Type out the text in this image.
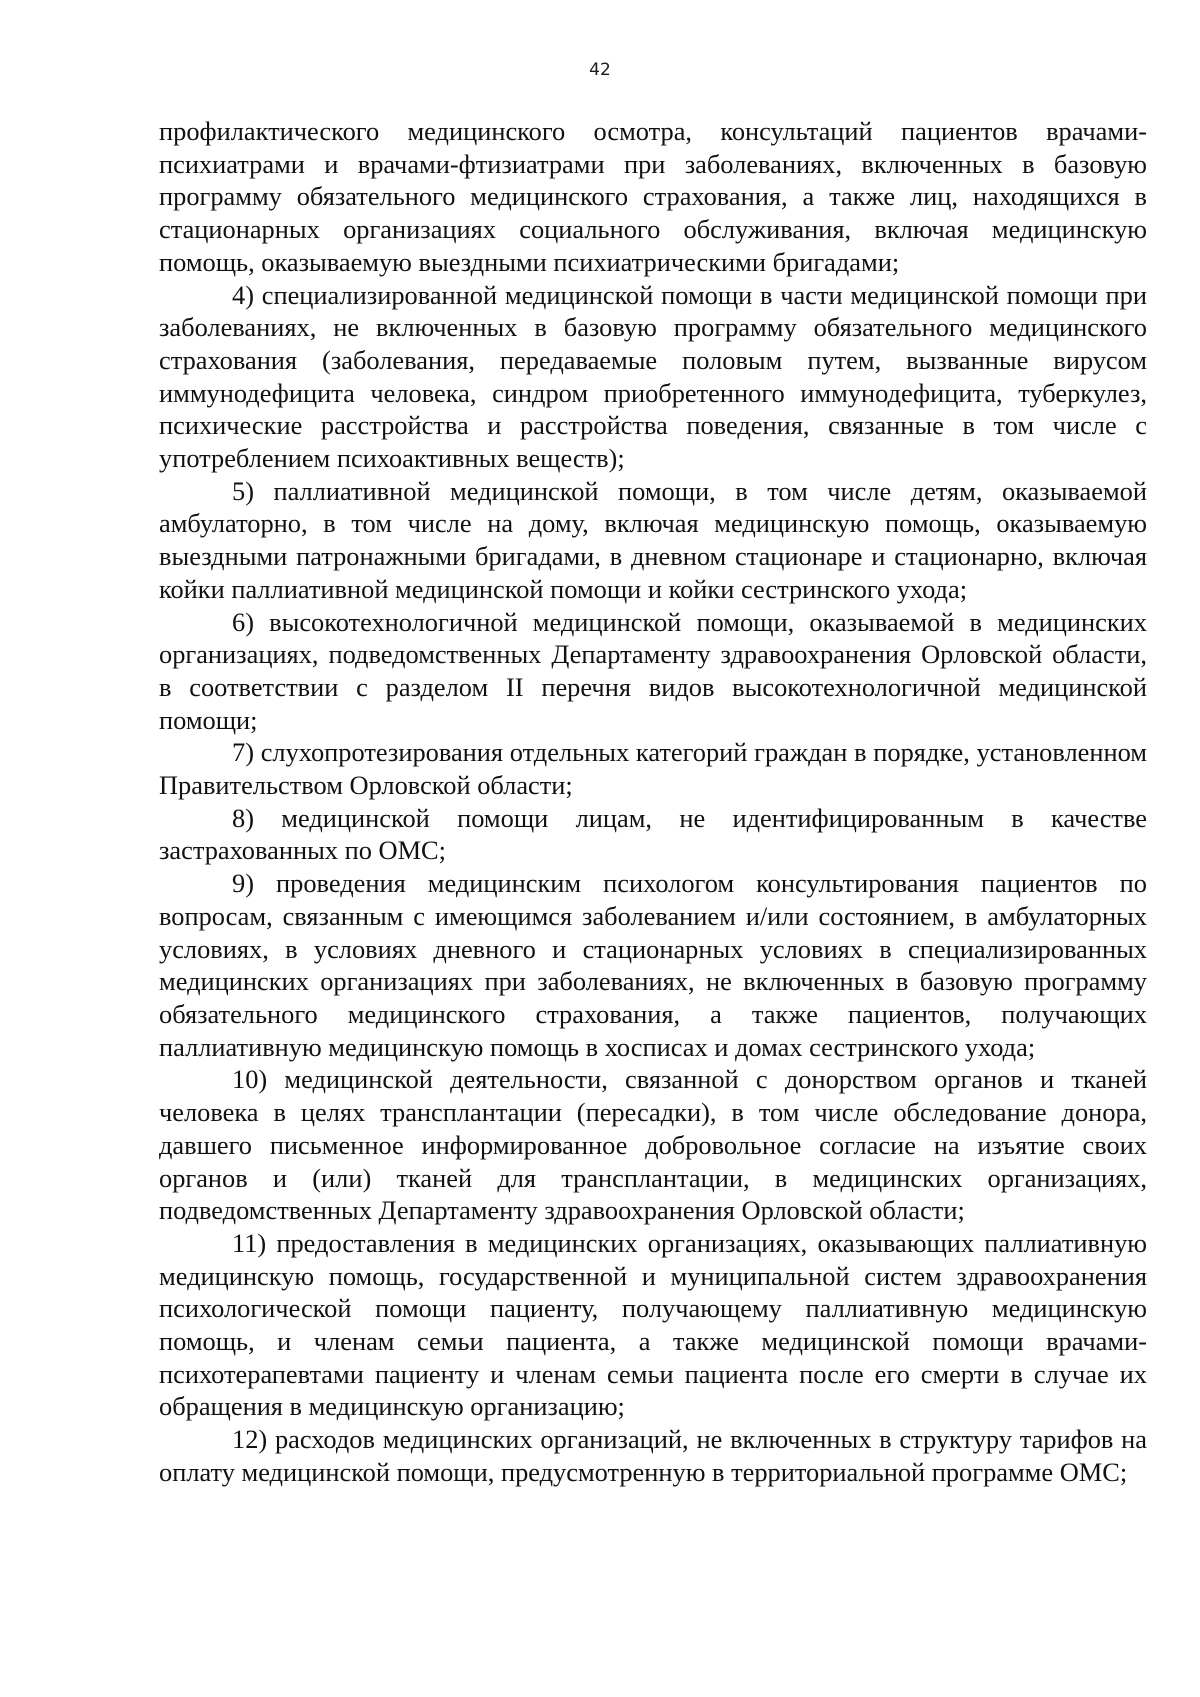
42

профилактического медицинского осмотра, консультаций пациентов врачами-психиатрами и врачами-фтизиатрами при заболеваниях, включенных в базовую программу обязательного медицинского страхования, а также лиц, находящихся в стационарных организациях социального обслуживания, включая медицинскую помощь, оказываемую выездными психиатрическими бригадами;

4) специализированной медицинской помощи в части медицинской помощи при заболеваниях, не включенных в базовую программу обязательного медицинского страхования (заболевания, передаваемые половым путем, вызванные вирусом иммунодефицита человека, синдром приобретенного иммунодефицита, туберкулез, психические расстройства и расстройства поведения, связанные в том числе с употреблением психоактивных веществ);

5) паллиативной медицинской помощи, в том числе детям, оказываемой амбулаторно, в том числе на дому, включая медицинскую помощь, оказываемую выездными патронажными бригадами, в дневном стационаре и стационарно, включая койки паллиативной медицинской помощи и койки сестринского ухода;

6) высокотехнологичной медицинской помощи, оказываемой в медицинских организациях, подведомственных Департаменту здравоохранения Орловской области, в соответствии с разделом II перечня видов высокотехнологичной медицинской помощи;

7) слухопротезирования отдельных категорий граждан в порядке, установленном Правительством Орловской области;

8) медицинской помощи лицам, не идентифицированным в качестве застрахованных по ОМС;

9) проведения медицинским психологом консультирования пациентов по вопросам, связанным с имеющимся заболеванием и/или состоянием, в амбулаторных условиях, в условиях дневного и стационарных условиях в специализированных медицинских организациях при заболеваниях, не включенных в базовую программу обязательного медицинского страхования, а также пациентов, получающих паллиативную медицинскую помощь в хосписах и домах сестринского ухода;

10) медицинской деятельности, связанной с донорством органов и тканей человека в целях трансплантации (пересадки), в том числе обследование донора, давшего письменное информированное добровольное согласие на изъятие своих органов и (или) тканей для трансплантации, в медицинских организациях, подведомственных Департаменту здравоохранения Орловской области;

11) предоставления в медицинских организациях, оказывающих паллиативную медицинскую помощь, государственной и муниципальной систем здравоохранения психологической помощи пациенту, получающему паллиативную медицинскую помощь, и членам семьи пациента, а также медицинской помощи врачами-психотерапевтами пациенту и членам семьи пациента после его смерти в случае их обращения в медицинскую организацию;

12) расходов медицинских организаций, не включенных в структуру тарифов на оплату медицинской помощи, предусмотренную в территориальной программе ОМС;
